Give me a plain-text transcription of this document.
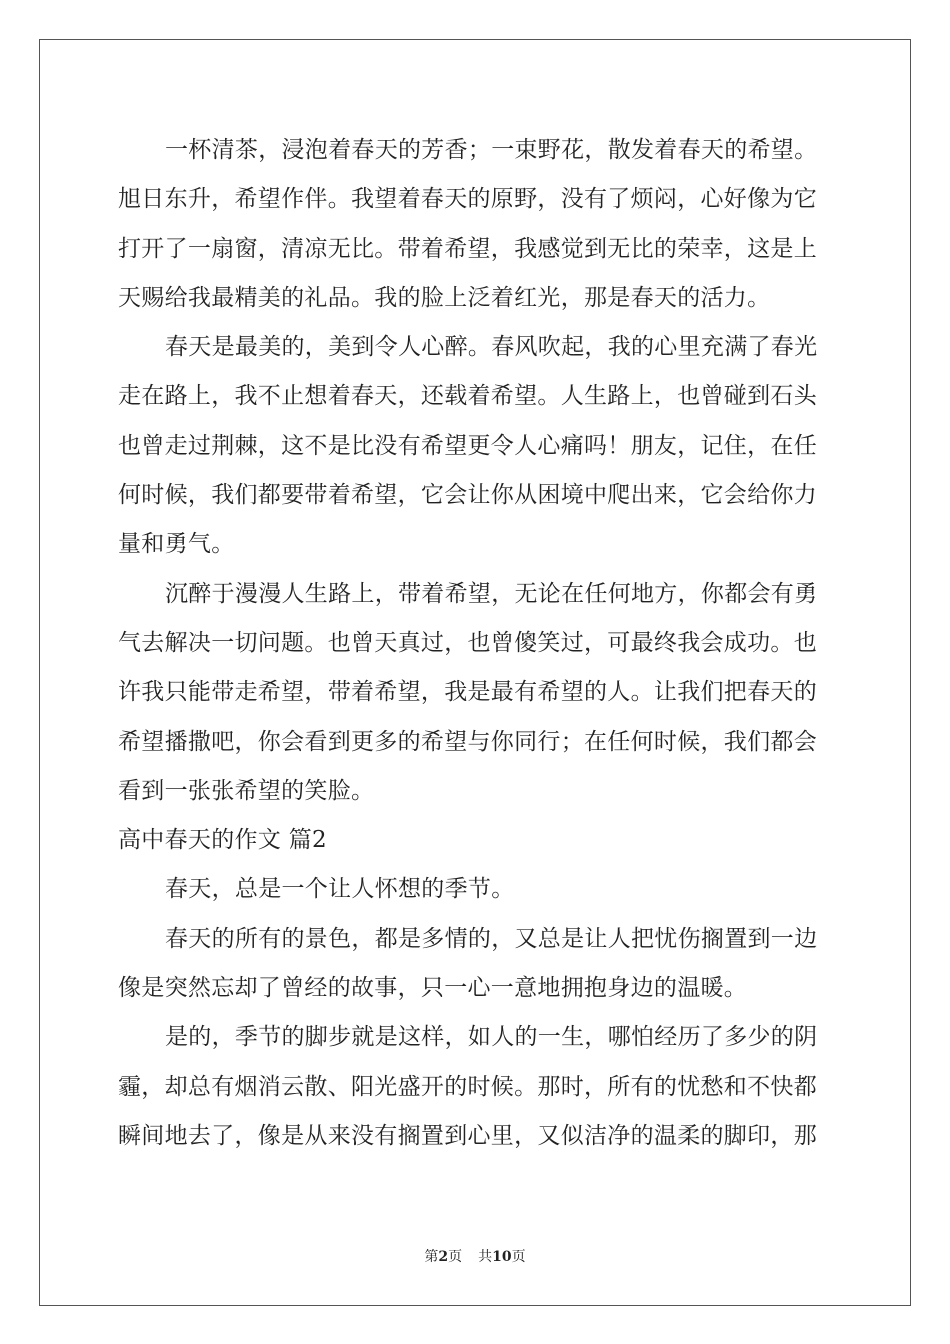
一杯清茶，浸泡着春天的芳香；一束野花，散发着春天的希望。
旭日东升，希望作伴。我望着春天的原野，没有了烦闷，心好像为它
打开了一扇窗，清凉无比。带着希望，我感觉到无比的荣幸，这是上
天赐给我最精美的礼品。我的脸上泛着红光，那是春天的活力。
春天是最美的，美到令人心醉。春风吹起，我的心里充满了春光
走在路上，我不止想着春天，还载着希望。人生路上，也曾碰到石头
也曾走过荆棘，这不是比没有希望更令人心痛吗！朋友，记住，在任
何时候，我们都要带着希望，它会让你从困境中爬出来，它会给你力
量和勇气。
沉醉于漫漫人生路上，带着希望，无论在任何地方，你都会有勇
气去解决一切问题。也曾天真过，也曾傻笑过，可最终我会成功。也
许我只能带走希望，带着希望，我是最有希望的人。让我们把春天的
希望播撒吧，你会看到更多的希望与你同行；在任何时候，我们都会
看到一张张希望的笑脸。
高中春天的作文 篇2
春天，总是一个让人怀想的季节。
春天的所有的景色，都是多情的，又总是让人把忧伤搁置到一边
像是突然忘却了曾经的故事，只一心一意地拥抱身边的温暖。
是的，季节的脚步就是这样，如人的一生，哪怕经历了多少的阴
霾，却总有烟消云散、阳光盛开的时候。那时，所有的忧愁和不快都
瞬间地去了，像是从来没有搁置到心里，又似洁净的温柔的脚印，那
第2页 共10页
